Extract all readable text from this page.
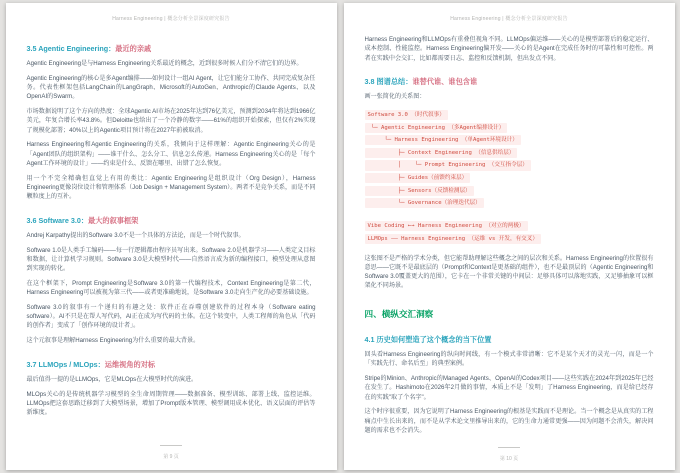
Harness Engineering | 概念分析全景深度研究报告
3.5 Agentic Engineering：最近的亲戚

Agentic Engineering是与Harness Engineering关系最近的概念，近到很多时候人们分不清它们的边界。

Agentic Engineering的核心是多Agent编排——如何设计一组AI Agent，让它们能分工协作、共同完成复杂任务。代表性框架包括LangChain的LangGraph、Microsoft的AutoGen、Anthropic的Claude Agents、以及OpenAI的Swarm。

市场数据说明了这个方向的热度：全球Agentic AI市场在2025年达到76亿美元，预测到2034年将达到1966亿美元，年复合增长率43.8%。但Deloitte也给出了一个冷静的数字——61%的组织开始探索，但仅有2%实现了规模化部署；40%以上的Agentic项目预计将在2027年前被取消。

Harness Engineering和Agentic Engineering的关系，我倾向于这样理解：Agentic Engineering关心的是「Agent团队的组织架构」——谁干什么、怎么分工、信息怎么传递。Harness Engineering关心的是「每个Agent工作环境的设计」——约束是什么、反馈在哪里、出错了怎么恢复。

用一个不完全精确但直觉上有用的类比：Agentic Engineering是组织设计（Org Design），Harness Engineering更像岗位设计和管理体系（Job Design + Management System）。两者不是竞争关系，而是不同颗粒度上的互补。

3.6 Software 3.0：最大的叙事框架

Andrej Karpathy提出的Software 3.0不是一个具体的方法论，而是一个时代叙事。

Software 1.0是人类手工编码——每一行逻辑都由程序员写出来。Software 2.0是机器学习——人类定义目标和数据，让计算机学习规则。Software 3.0是大模型时代——自然语言成为新的编程接口，模型处理从意图到实现的转化。

在这个框架下，Prompt Engineering是Software 3.0的第一代编程技术，Context Engineering是第二代，Harness Engineering可以被视为第三代——或者更准确地说，是Software 3.0走向生产化的必要基础设施。

Software 3.0的叙事有一个递归的有趣之处：软件正在吞噬创建软件的过程本身（Software eating software）。AI不只是在帮人写代码，AI正在成为写代码的主体。在这个转变中，人类工程师的角色从「代码的创作者」变成了「创作环境的设计者」。

这个元叙事是理解Harness Engineering为什么重要的最大背景。

3.7 LLMOps / MLOps：运维视角的对标

最后值得一提的是LLMOps，它是MLOps在大模型时代的演进。

MLOps关心的是传统机器学习模型的全生命周期管理——数据准备、模型训练、部署上线、监控运维。LLMOps把这套思路迁移到了大模型场景，增加了Prompt版本管理、模型调用成本优化、语义层面的评估等新维度。

第 9 页
Harness Engineering | 概念分析全景深度研究报告

Harness Engineering和LLMOps有重叠但视角不同。LLMOps偏运维——关心的是模型部署后的稳定运行、成本控制、性能监控。Harness Engineering偏开发——关心的是Agent在完成任务时的可靠性和可控性。两者在实践中会交汇，比如都需要日志、监控和反馈机制，但出发点不同。

3.8 图谱总结：谁替代谁、谁包含谁

画一张简化的关系图：

Software 3.0 （时代叙事）
└─ Agentic Engineering （多Agent编排设计）
└─ Harness Engineering （单Agent环境设计）
├─ Context Engineering （信息供给层）
│    └─ Prompt Engineering （交互指令层）
├─ Guides（前馈约束层）
├─ Sensors（反馈检测层）
└─ Governance（治理迭代层）
Vibe Coding ←→ Harness Engineering （对立的两极）
LLMOps —— Harness Engineering （运维 vs 开发，有交叉）

这张图不是严格的学术分类，但它能帮助理解这些概念之间的层次和关系。Harness Engineering的位置很有意思——它既不是最底层的（Prompt和Context是更基础的组件），也不是最顶层的（Agentic Engineering和Software 3.0覆盖更大的范围），它卡在一个非常关键的中间层：足够具体可以落地实践，又足够抽象可以框架化不同场景。

四、横纵交汇洞察
4.1 历史如何塑造了这个概念的当下位置

回头看Harness Engineering的纵向时间线，有一个模式非常清晰：它不是某个天才的灵光一闪，而是一个「实践先行、命名后至」的典型案例。

Stripe的Minion、Anthropic的Managed Agents、OpenAI的Codex项目——这些实践在2024年到2025年已经在发生了。Hashimoto在2026年2月做的事情，本质上不是「发明」了Harness Engineering，而是给已经存在的实践"取了个名字"。

这个时序很重要，因为它说明了Harness Engineering的根基是实践而不是理论。当一个概念是从真实的工程痛点中生长出来的，而不是从学术论文里推导出来的，它的生命力通常更强——因为问题不会消失，解决问题的需求也不会消失。

第 10 页
